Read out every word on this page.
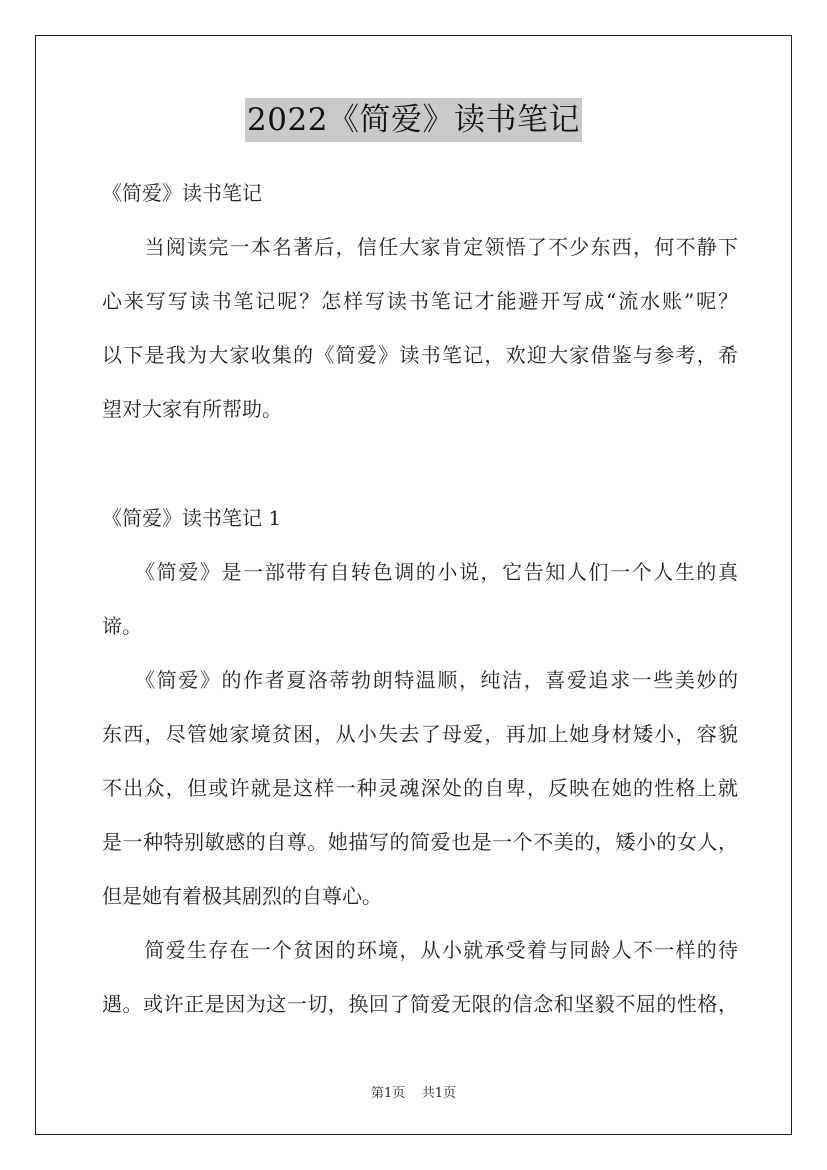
2022《简爱》读书笔记
《简爱》读书笔记
　　当阅读完一本名著后，信任大家肯定领悟了不少东西，何不静下
心来写写读书笔记呢？怎样写读书笔记才能避开写成“流水账”呢？
以下是我为大家收集的《简爱》读书笔记，欢迎大家借鉴与参考，希
望对大家有所帮助。
《简爱》读书笔记 1
　　《简爱》是一部带有自转色调的小说，它告知人们一个人生的真
谛。
　　《简爱》的作者夏洛蒂勃朗特温顺，纯洁，喜爱追求一些美妙的
东西，尽管她家境贫困，从小失去了母爱，再加上她身材矮小，容貌
不出众，但或许就是这样一种灵魂深处的自卑，反映在她的性格上就
是一种特别敏感的自尊。她描写的简爱也是一个不美的，矮小的女人，
但是她有着极其剧烈的自尊心。
　　简爱生存在一个贫困的环境，从小就承受着与同龄人不一样的待
遇。或许正是因为这一切，换回了简爱无限的信念和坚毅不屈的性格，
第1页 共1页
